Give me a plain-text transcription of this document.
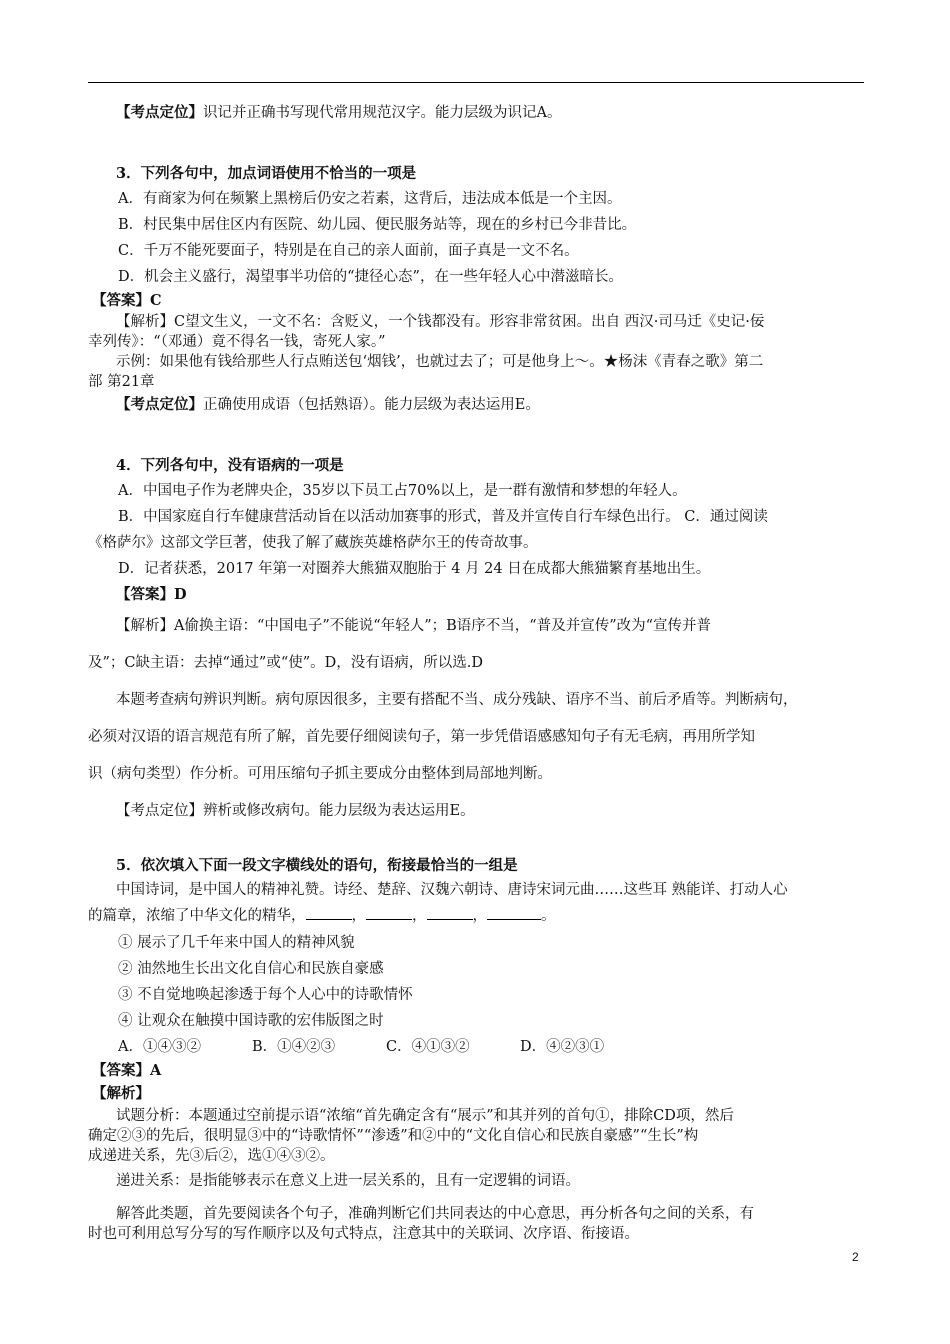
【考点定位】识记并正确书写现代常用规范汉字。能力层级为识记A。
3．下列各句中，加点词语使用不恰当的一项是
A．有商家为何在频繁上黑榜后仍安之若素，这背后，违法成本低是一个主因。
B．村民集中居住区内有医院、幼儿园、便民服务站等，现在的乡村已今非昔比。
C．千万不能死要面子，特别是在自己的亲人面前，面子真是一文不名。
D．机会主义盛行，渴望事半功倍的“捷径心态”，在一些年轻人心中潜滋暗长。
【答案】C
【解析】C望文生义，一文不名：含贬义，一个钱都没有。形容非常贫困。出自 西汉·司马迁《史记·佞
幸列传》：“（邓通）竟不得名一钱，寄死人家。”
示例：如果他有钱给那些人行点贿送包‘烟钱’，也就过去了；可是他身上～。★杨沫《青春之歌》第二
部 第21章
【考点定位】正确使用成语（包括熟语）。能力层级为表达运用E。
4．下列各句中，没有语病的一项是
A．中国电子作为老牌央企，35岁以下员工占70%以上，是一群有激情和梦想的年轻人。
B．中国家庭自行车健康营活动旨在以活动加赛事的形式，普及并宣传自行车绿色出行。 C．通过阅读
《格萨尔》这部文学巨著，使我了解了藏族英雄格萨尔王的传奇故事。
D．记者获悉，2017 年第一对圈养大熊猫双胞胎于 4 月 24 日在成都大熊猫繁育基地出生。
【答案】D
【解析】A偷换主语：“中国电子”不能说“年轻人”；B语序不当，“普及并宣传”改为“宣传并普
及”；C缺主语：去掉“通过”或“使”。D，没有语病，所以选.D
本题考查病句辨识判断。病句原因很多，主要有搭配不当、成分残缺、语序不当、前后矛盾等。判断病句，
必须对汉语的语言规范有所了解，首先要仔细阅读句子，第一步凭借语感感知句子有无毛病，再用所学知
识（病句类型）作分析。可用压缩句子抓主要成分由整体到局部地判断。
【考点定位】辨析或修改病句。能力层级为表达运用E。
5．依次填入下面一段文字横线处的语句，衔接最恰当的一组是
中国诗词，是中国人的精神礼赞。诗经、楚辞、汉魏六朝诗、唐诗宋词元曲……这些耳 熟能详、打动人心
的篇章，浓缩了中华文化的精华，	，	，	，	。
① 展示了几千年来中国人的精神风貌
② 油然地生长出文化自信心和民族自豪感
③ 不自觉地唤起渗透于每个人心中的诗歌情怀
④ 让观众在触摸中国诗歌的宏伟版图之时
A．①④③②	B．①④②③	C．④①③②	D．④②③①
【答案】A
【解析】
试题分析：本题通过空前提示语“浓缩“首先确定含有“展示”和其并列的首句①，排除CD项，然后
确定②③的先后，很明显③中的“诗歌情怀”“渗透”和②中的“文化自信心和民族自豪感”“生长”构
成递进关系，先③后②，选①④③②。
递进关系：是指能够表示在意义上进一层关系的，且有一定逻辑的词语。
解答此类题，首先要阅读各个句子，准确判断它们共同表达的中心意思，再分析各句之间的关系，有
时也可利用总写分写的写作顺序以及句式特点，注意其中的关联词、次序语、衔接语。
2
